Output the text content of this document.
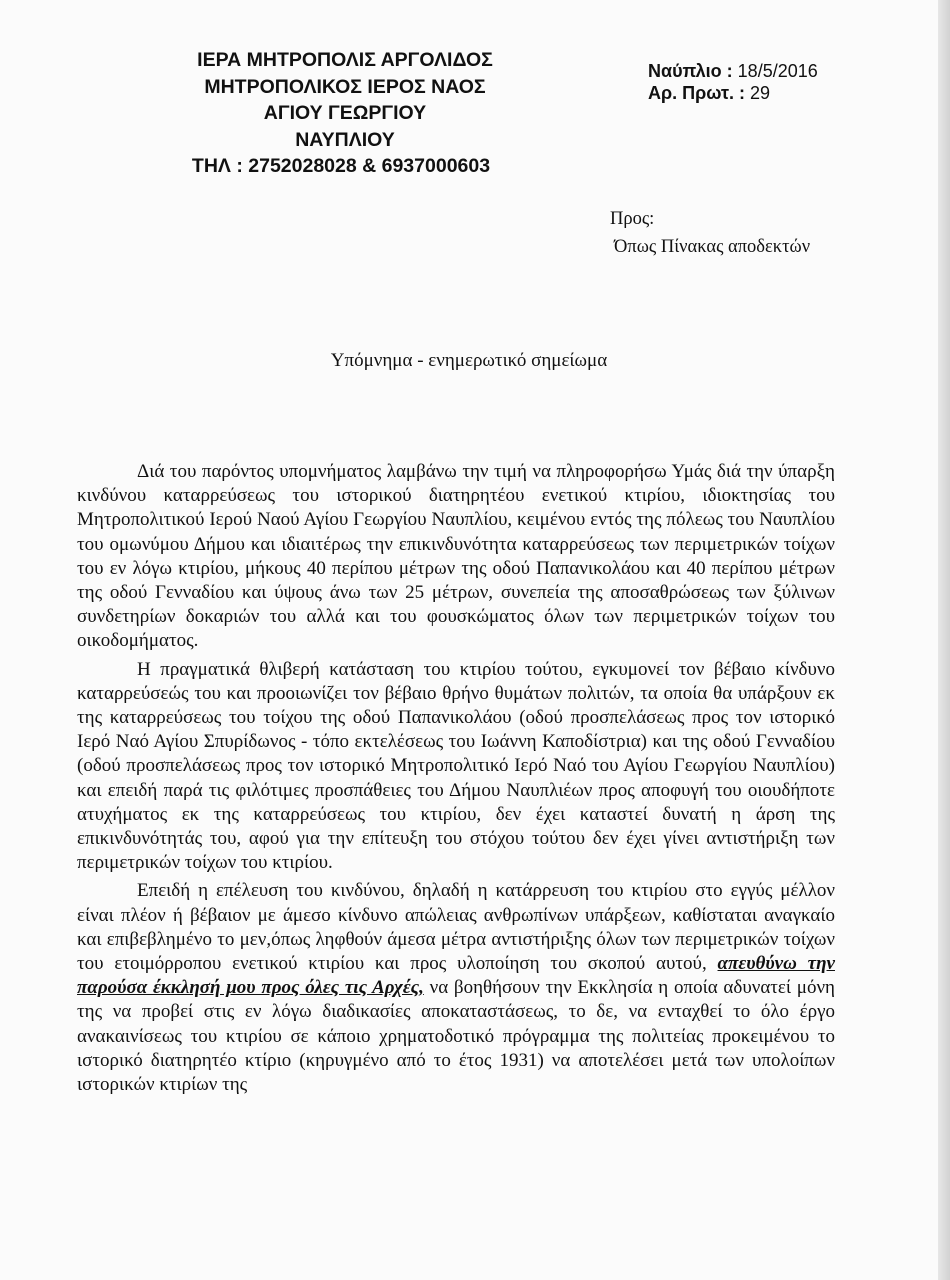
ΙΕΡΑ ΜΗΤΡΟΠΟΛΙΣ ΑΡΓΟΛΙΔΟΣ
ΜΗΤΡΟΠΟΛΙΚΟΣ ΙΕΡΟΣ ΝΑΟΣ
ΑΓΙΟΥ ΓΕΩΡΓΙΟΥ
ΝΑΥΠΛΙΟΥ
ΤΗΛ : 2752028028 & 6937000603
Ναύπλιο : 18/5/2016
Αρ. Πρωτ. : 29
Προς:
Όπως Πίνακας αποδεκτών
Υπόμνημα - ενημερωτικό σημείωμα

Διά του παρόντος υπομνήματος λαμβάνω την τιμή να πληροφορήσω Υμάς διά την ύπαρξη κινδύνου καταρρεύσεως του ιστορικού διατηρητέου ενετικού κτιρίου, ιδιοκτησίας του Μητροπολιτικού Ιερού Ναού Αγίου Γεωργίου Ναυπλίου, κειμένου εντός της πόλεως του Ναυπλίου του ομωνύμου Δήμου και ιδιαιτέρως την επικινδυνότητα καταρρεύσεως των περιμετρικών τοίχων του εν λόγω κτιρίου, μήκους 40 περίπου μέτρων της οδού Παπανικολάου και 40 περίπου μέτρων της οδού Γενναδίου και ύψους άνω των 25 μέτρων, συνεπεία της αποσαθρώσεως των ξύλινων συνδετηρίων δοκαριών του αλλά και του φουσκώματος όλων των περιμετρικών τοίχων του οικοδομήματος.

Η πραγματικά θλιβερή κατάσταση του κτιρίου τούτου, εγκυμονεί τον βέβαιο κίνδυνο καταρρεύσεώς του και προοιωνίζει τον βέβαιο θρήνο θυμάτων πολιτών, τα οποία θα υπάρξουν εκ της καταρρεύσεως του τοίχου της οδού Παπανικολάου (οδού προσπελάσεως προς τον ιστορικό Ιερό Ναό Αγίου Σπυρίδωνος - τόπο εκτελέσεως του Ιωάννη Καποδίστρια) και της οδού Γενναδίου (οδού προσπελάσεως προς τον ιστορικό Μητροπολιτικό Ιερό Ναό του Αγίου Γεωργίου Ναυπλίου) και επειδή παρά τις φιλότιμες προσπάθειες του Δήμου Ναυπλιέων προς αποφυγή του οιουδήποτε ατυχήματος εκ της καταρρεύσεως του κτιρίου, δεν έχει καταστεί δυνατή η άρση της επικινδυνότητάς του, αφού για την επίτευξη του στόχου τούτου δεν έχει γίνει αντιστήριξη των περιμετρικών τοίχων του κτιρίου.

Επειδή η επέλευση του κινδύνου, δηλαδή η κατάρρευση του κτιρίου στο εγγύς μέλλον είναι πλέον ή βέβαιον με άμεσο κίνδυνο απώλειας ανθρωπίνων υπάρξεων, καθίσταται αναγκαίο και επιβεβλημένο το μεν,όπως ληφθούν άμεσα μέτρα αντιστήριξης όλων των περιμετρικών τοίχων του ετοιμόρροπου ενετικού κτιρίου και προς υλοποίηση του σκοπού αυτού, απευθύνω την παρούσα έκκλησή μου προς όλες τις Αρχές, να βοηθήσουν την Εκκλησία η οποία αδυνατεί μόνη της να προβεί στις εν λόγω διαδικασίες αποκαταστάσεως, το δε, να ενταχθεί το όλο έργο ανακαινίσεως του κτιρίου σε κάποιο χρηματοδοτικό πρόγραμμα της πολιτείας προκειμένου το ιστορικό διατηρητέο κτίριο (κηρυγμένο από το έτος 1931) να αποτελέσει μετά των υπολοίπων ιστορικών κτιρίων της
